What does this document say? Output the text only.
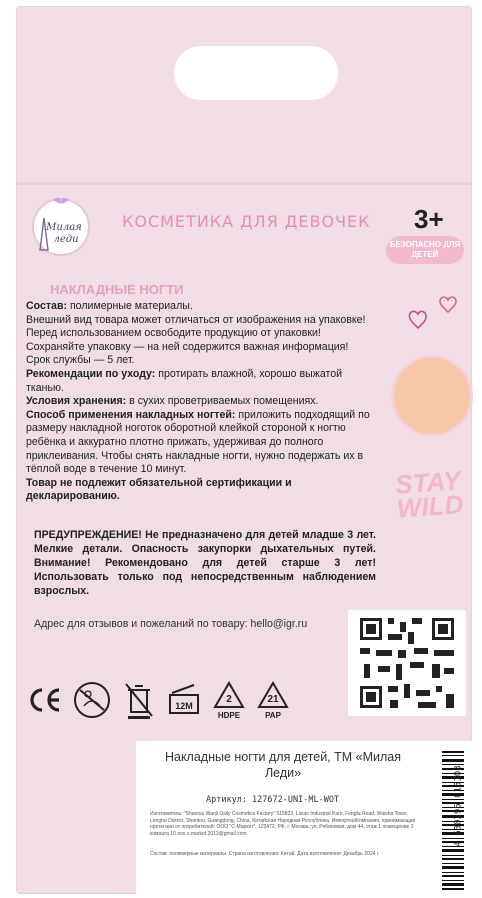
Милая
леди
КОСМЕТИКА ДЛЯ ДЕВОЧЕК 3+
БЕЗОПАСНО ДЛЯ ДЕТЕЙ
STAY WILD
НАКЛАДНЫЕ НОГТИ

Состав: полимерные материалы.

Внешний вид товара может отличаться от изображения на упаковке!

Перед использованием освободите продукцию от упаковки!

Сохраняйте упаковку — на ней содержится важная информация!

Срок службы — 5 лет.

Рекомендации по уходу: протирать влажной, хорошо выжатой тканью.

Условия хранения: в сухих проветриваемых помещениях.

Способ применения накладных ногтей: приложить подходящий по размеру накладной ноготок оборотной клейкой стороной к ногтю ребёнка и аккуратно плотно прижать, удерживая до полного приклеивания. Чтобы снять накладные ногти, нужно подержать их в тёплой воде в течение 10 минут.

Товар не подлежит обязательной сертификации и декларированию.

ПРЕДУПРЕЖДЕНИЕ! Не предназначено для детей младше 3 лет. Мелкие детали. Опасность закупорки дыхательных путей. Внимание! Рекомендовано для детей старше 3 лет! Использовать только под непосредственным наблюдением взрослых.
Адрес для отзывов и пожеланий по товару: hello@igr.ru
12M
2
HDPE
21
PAP
Накладные ногти для детей, ТМ «Милая Леди»
Артикул: 127672-UNI-ML-WOT
Изготовитель: "Shantou Wanli Daily Cosmetics Factory" 515823, Lixiao Industrial Park, Fengfa Road, Waisha Town, Longhu District, Shantou, Guangdong, China, Китайская Народная Республика. Импортер/Компания, принимающая претензии от потребителей: ООО "С-Маркет", 123472, РФ, г. Москва, ул. Рябиновая, дом 44, этаж 1 помещение 3 комната 10 ooo.s.market.2013@gmail.com
Состав: полимерные материалы. Страна изготовления: Китай. Дата изготовления: Декабрь 2024 г.
4 630395 015103
